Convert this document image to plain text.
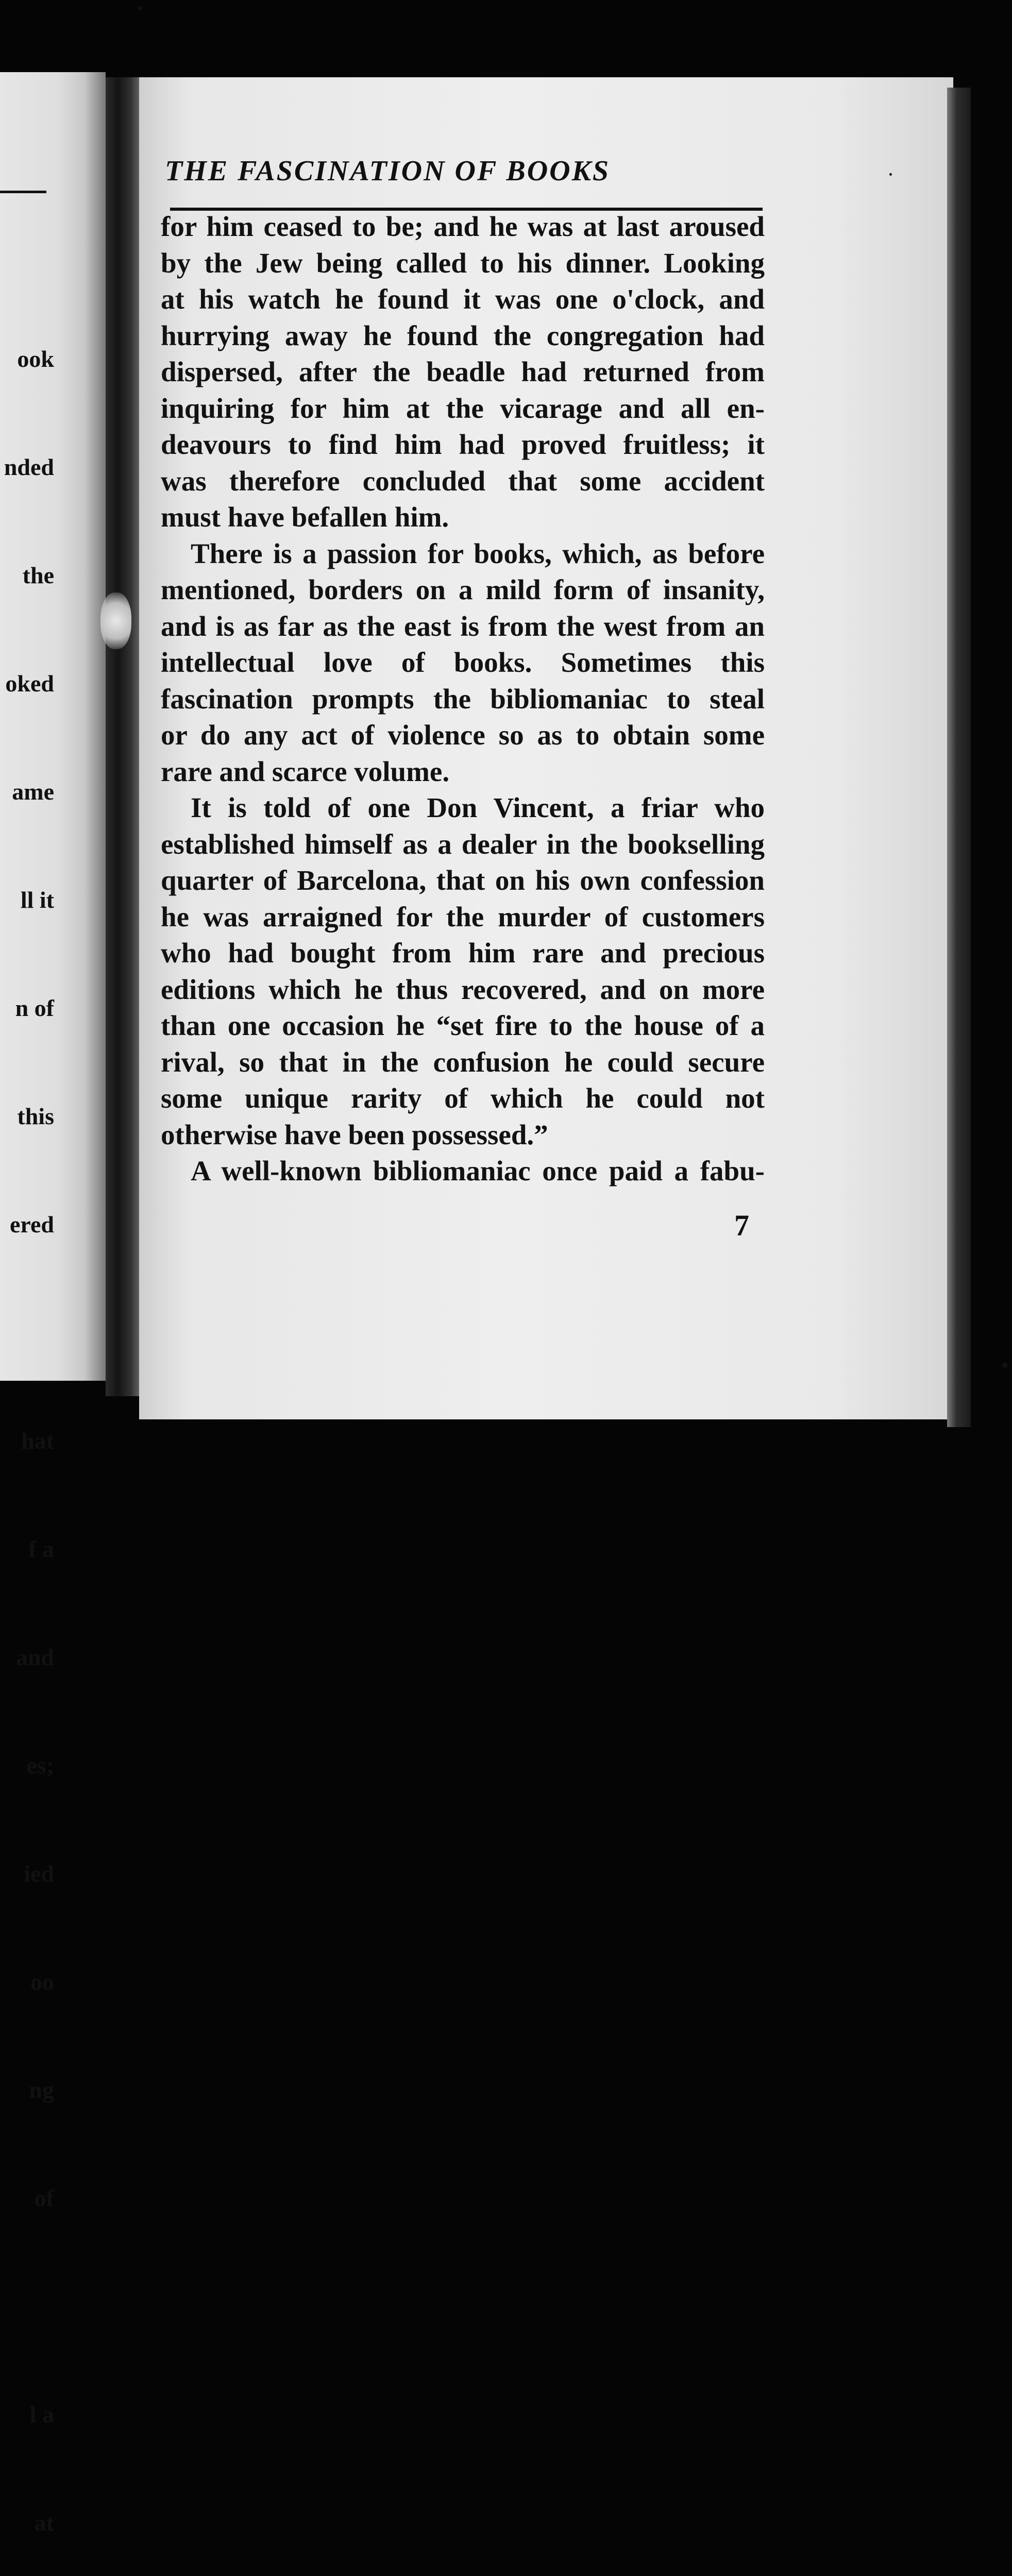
ook

nded

the

oked

ame

ll it

n of

this

ered

hat

f a

and

es;

ied

oo

ng

of

l a

at

THE FASCINATION OF BOOKS
for him ceased to be; and he was at last aroused
by the Jew being called to his dinner. Looking
at his watch he found it was one o'clock, and
hurrying away he found the congregation had
dispersed, after the beadle had returned from
inquiring for him at the vicarage and all en-
deavours to find him had proved fruitless; it
was therefore concluded that some accident
must have befallen him.
There is a passion for books, which, as before
mentioned, borders on a mild form of insanity,
and is as far as the east is from the west from an
intellectual love of books. Sometimes this
fascination prompts the bibliomaniac to steal
or do any act of violence so as to obtain some
rare and scarce volume.
It is told of one Don Vincent, a friar who
established himself as a dealer in the bookselling
quarter of Barcelona, that on his own confession
he was arraigned for the murder of customers
who had bought from him rare and precious
editions which he thus recovered, and on more
than one occasion he “set fire to the house of a
rival, so that in the confusion he could secure
some unique rarity of which he could not
otherwise have been possessed.”
A well-known bibliomaniac once paid a fabu-
7
